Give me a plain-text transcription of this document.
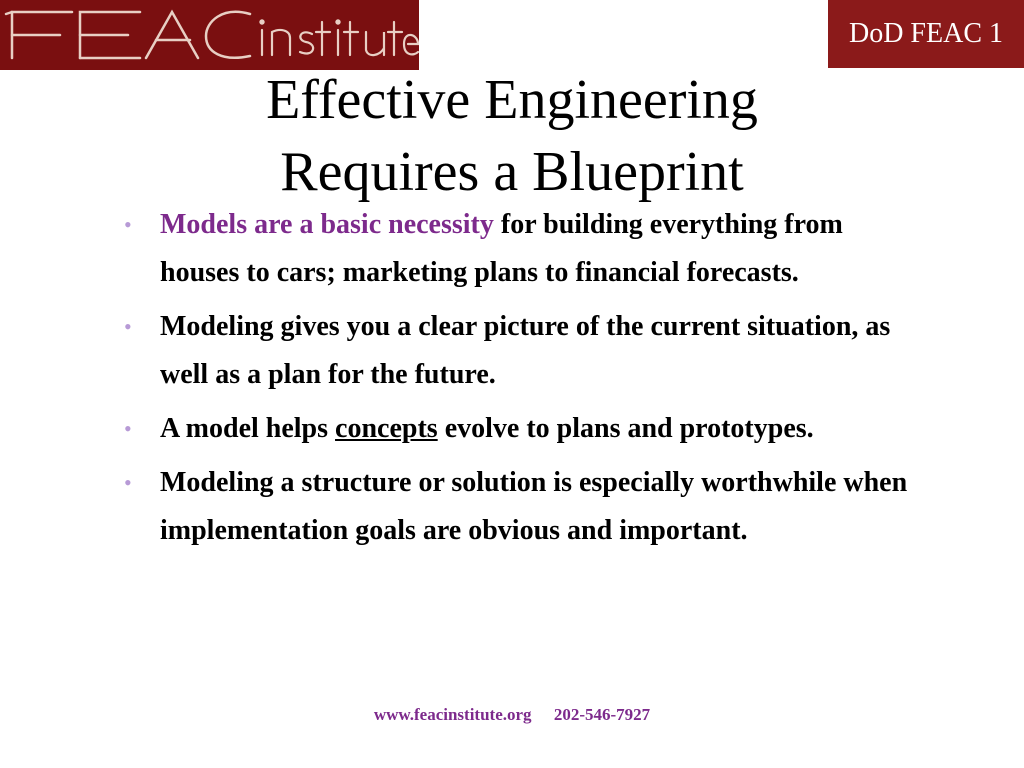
DoD FEAC 1
Effective Engineering
Requires a Blueprint
• Models are a basic necessity for building everything from houses to cars; marketing plans to financial forecasts.
• Modeling gives you a clear picture of the current situation, as well as a plan for the future.
• A model helps concepts evolve to plans and prototypes.
• Modeling a structure or solution is especially worthwhile when implementation goals are obvious and important.
www.feacinstitute.org 202-546-7927
